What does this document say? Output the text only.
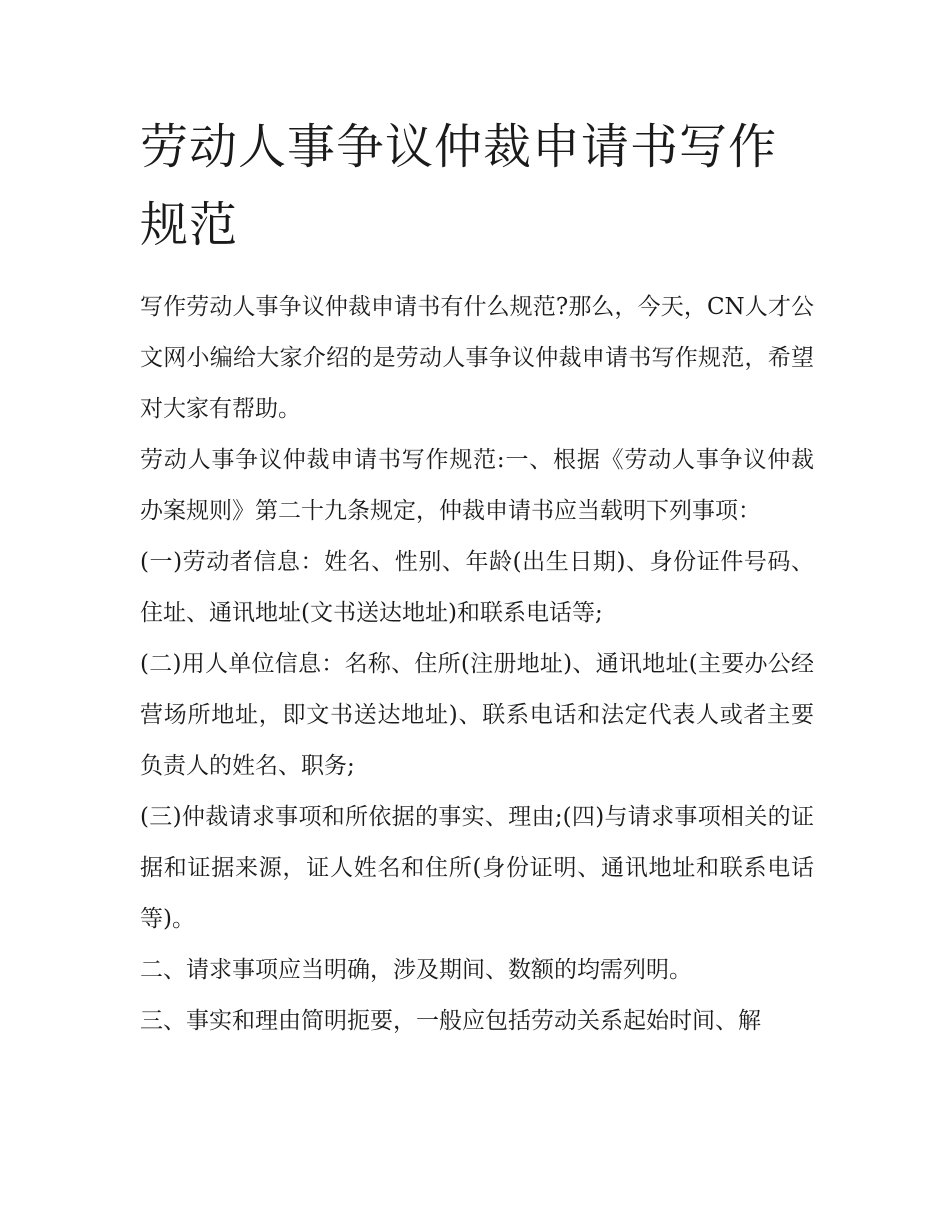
劳动人事争议仲裁申请书写作规范

写作劳动人事争议仲裁申请书有什么规范?那么，今天，CN人才公文网小编给大家介绍的是劳动人事争议仲裁申请书写作规范，希望对大家有帮助。

劳动人事争议仲裁申请书写作规范:一、根据《劳动人事争议仲裁办案规则》第二十九条规定，仲裁申请书应当载明下列事项：

(一)劳动者信息：姓名、性别、年龄(出生日期)、身份证件号码、住址、通讯地址(文书送达地址)和联系电话等;

(二)用人单位信息：名称、住所(注册地址)、通讯地址(主要办公经营场所地址，即文书送达地址)、联系电话和法定代表人或者主要负责人的姓名、职务;

(三)仲裁请求事项和所依据的事实、理由;(四)与请求事项相关的证据和证据来源，证人姓名和住所(身份证明、通讯地址和联系电话等)。

二、请求事项应当明确，涉及期间、数额的均需列明。

三、事实和理由简明扼要，一般应包括劳动关系起始时间、解
